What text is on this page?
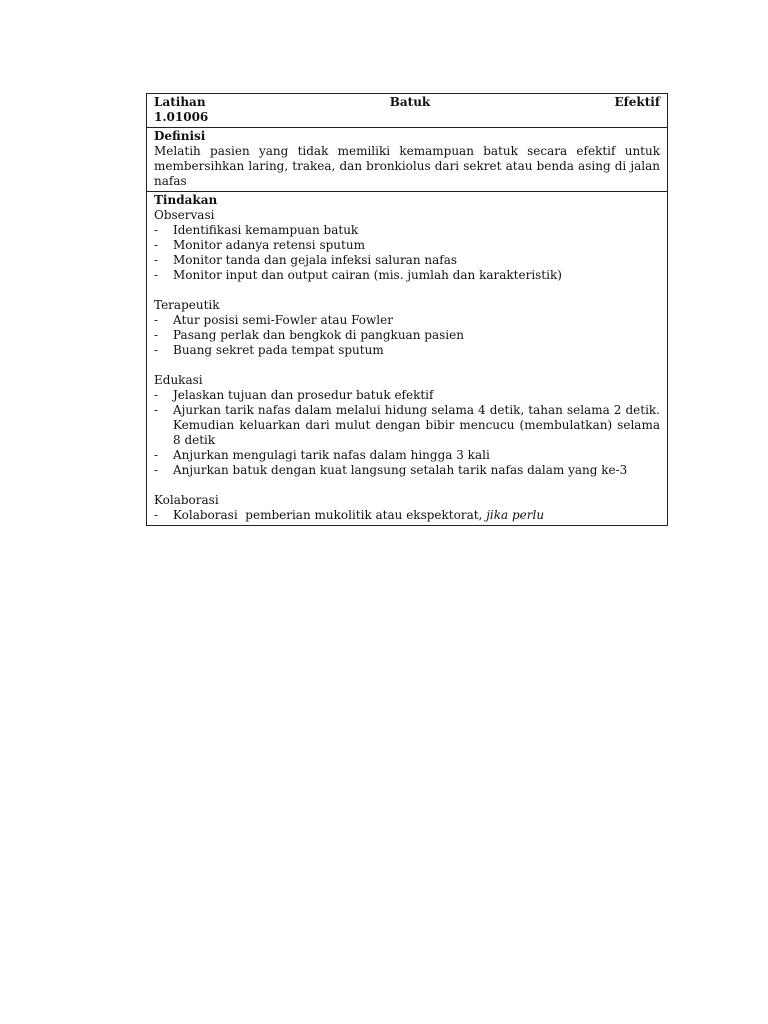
Latihan	Batuk	Efektif
1.01006
Definisi
Melatih pasien yang tidak memiliki kemampuan batuk secara efektif untuk membersihkan laring, trakea, dan bronkiolus dari sekret atau benda asing di jalan nafas
Tindakan
Observasi
- Identifikasi kemampuan batuk
- Monitor adanya retensi sputum
- Monitor tanda dan gejala infeksi saluran nafas
- Monitor input dan output cairan (mis. jumlah dan karakteristik)
Terapeutik
- Atur posisi semi-Fowler atau Fowler
- Pasang perlak dan bengkok di pangkuan pasien
- Buang sekret pada tempat sputum
Edukasi
- Jelaskan tujuan dan prosedur batuk efektif
- Ajurkan tarik nafas dalam melalui hidung selama 4 detik, tahan selama 2 detik. Kemudian keluarkan dari mulut dengan bibir mencucu (membulatkan) selama 8 detik
- Anjurkan mengulagi tarik nafas dalam hingga 3 kali
- Anjurkan batuk dengan kuat langsung setalah tarik nafas dalam yang ke-3
Kolaborasi
- Kolaborasi  pemberian mukolitik atau ekspektorat, jika perlu
